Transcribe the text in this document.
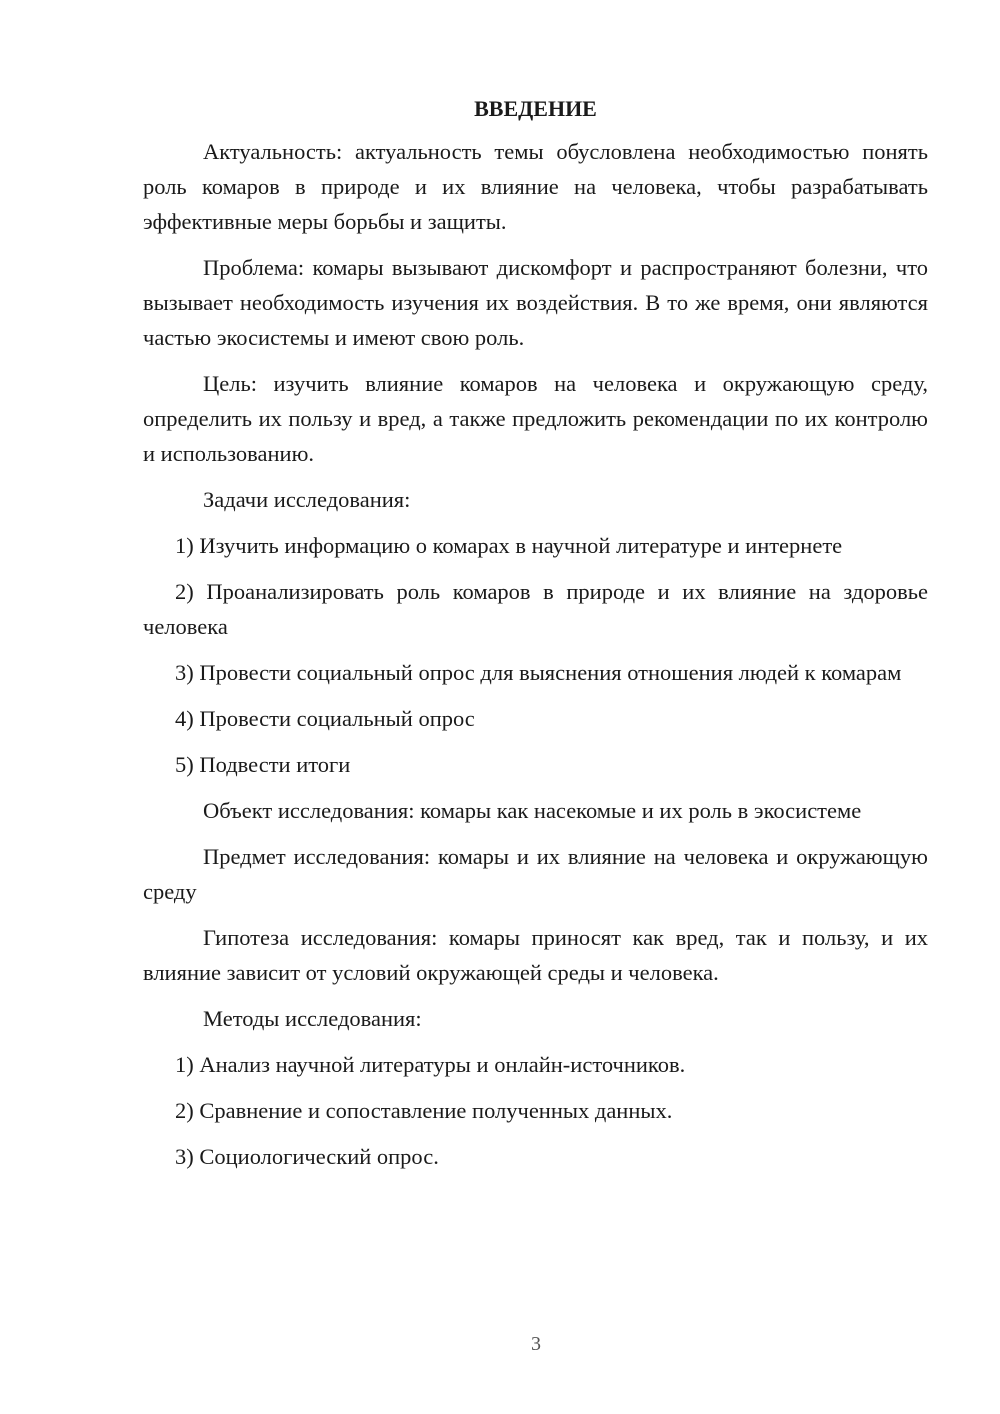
ВВЕДЕНИЕ

Актуальность: актуальность темы обусловлена необходимостью понять роль комаров в природе и их влияние на человека, чтобы разрабатывать эффективные меры борьбы и защиты.

Проблема: комары вызывают дискомфорт и распространяют болезни, что вызывает необходимость изучения их воздействия. В то же время, они являются частью экосистемы и имеют свою роль.

Цель: изучить влияние комаров на человека и окружающую среду, определить их пользу и вред, а также предложить рекомендации по их контролю и использованию.

Задачи исследования:

1) Изучить информацию о комарах в научной литературе и интернете

2) Проанализировать роль комаров в природе и их влияние на здоровье человека

3) Провести социальный опрос для выяснения отношения людей к комарам

4) Провести социальный опрос

5) Подвести итоги

Объект исследования: комары как насекомые и их роль в экосистеме

Предмет исследования: комары и их влияние на человека и окружающую среду

Гипотеза исследования: комары приносят как вред, так и пользу, и их влияние зависит от условий окружающей среды и человека.

Методы исследования:

1) Анализ научной литературы и онлайн-источников.

2) Сравнение и сопоставление полученных данных.

3) Социологический опрос.

3
